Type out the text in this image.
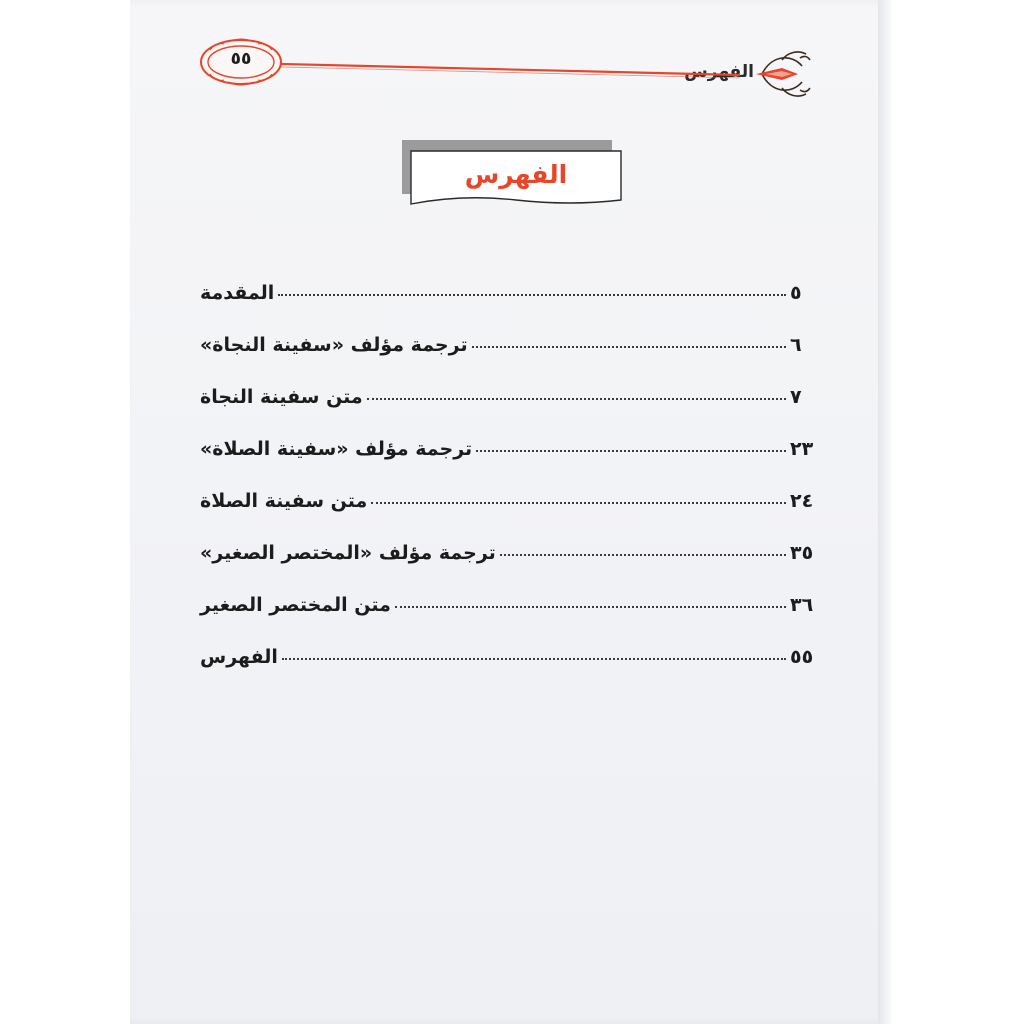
الفهرس
٥٥
الفهرس
المقدمة	٥
ترجمة مؤلف «سفينة النجاة»	٦
متن سفينة النجاة	٧
ترجمة مؤلف «سفينة الصلاة»	٢٣
متن سفينة الصلاة	٢٤
ترجمة مؤلف «المختصر الصغير»	٣٥
متن المختصر الصغير	٣٦
الفهرس	٥٥
